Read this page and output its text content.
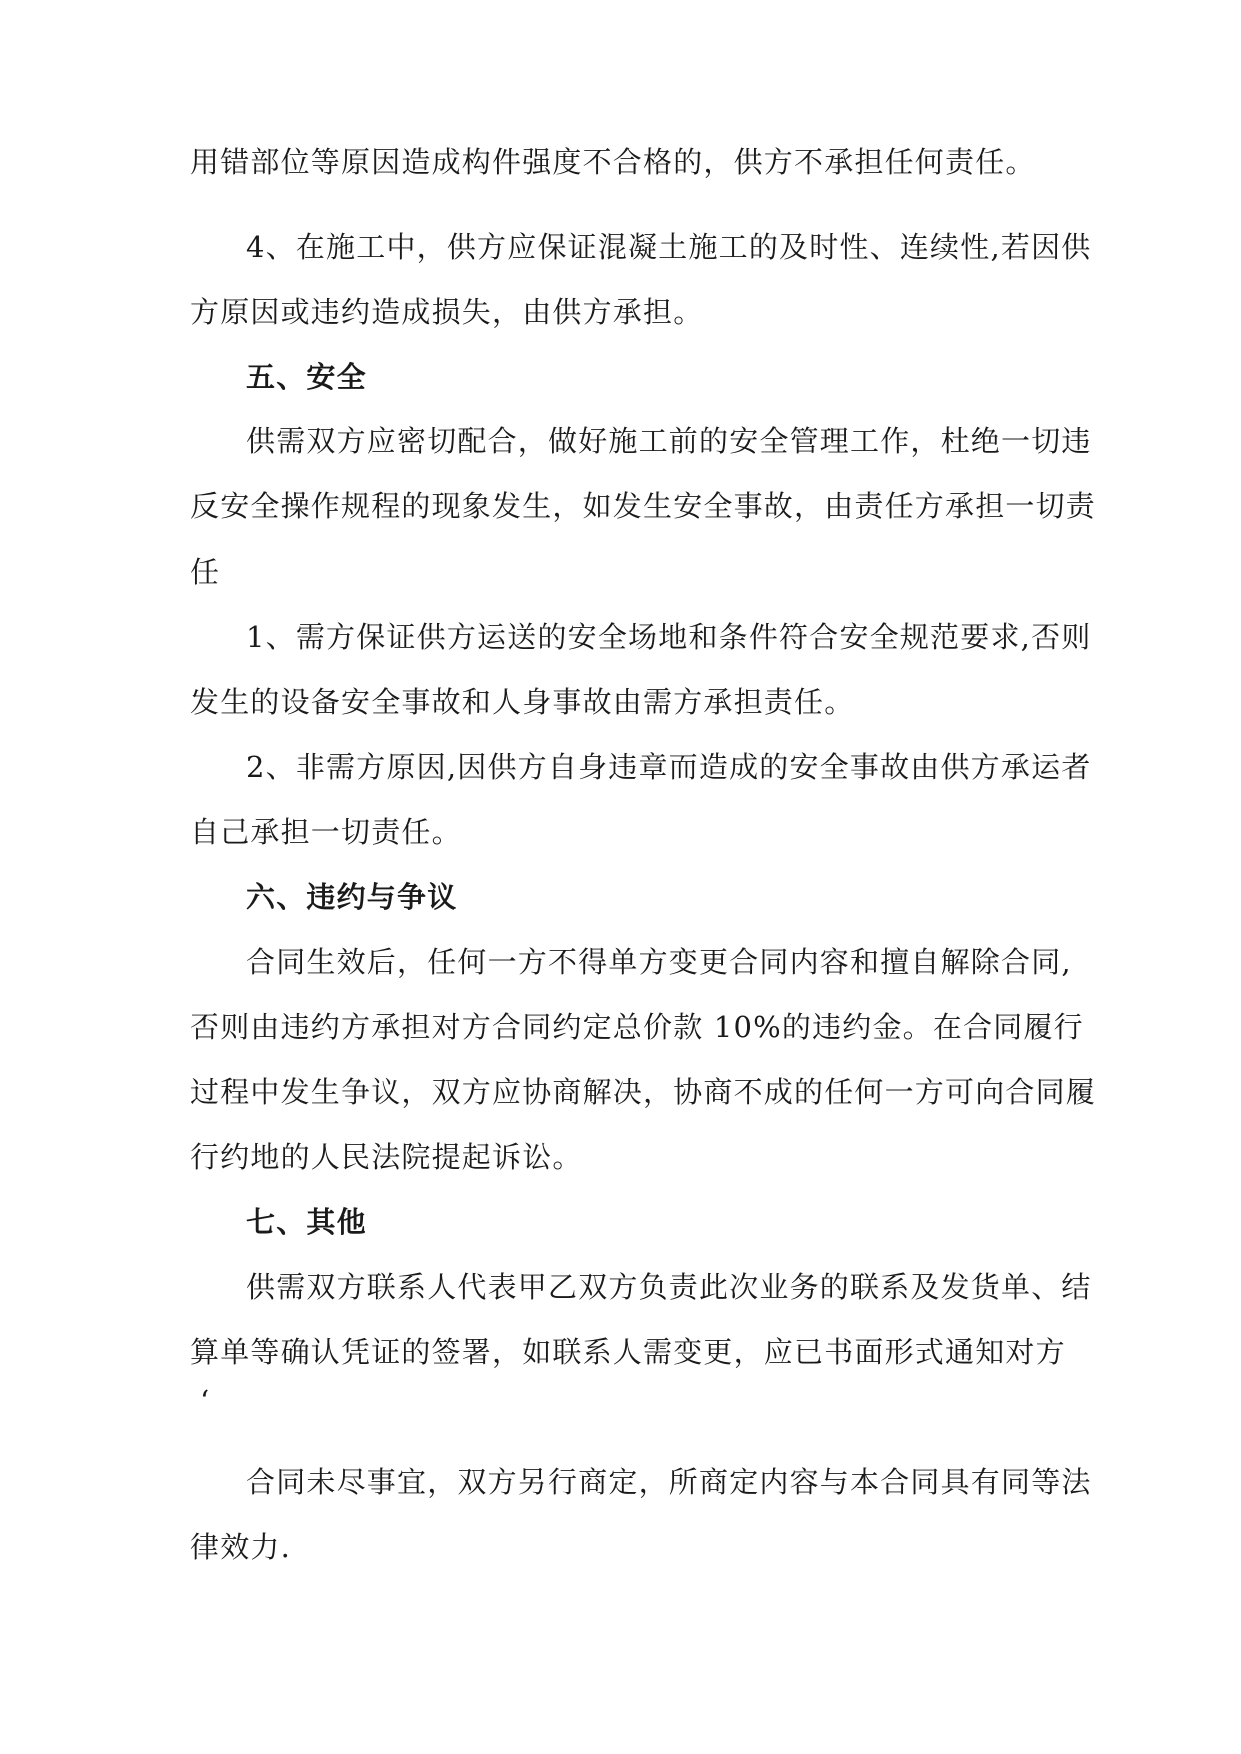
用错部位等原因造成构件强度不合格的，供方不承担任何责任。
4、在施工中，供方应保证混凝土施工的及时性、连续性,若因供
方原因或违约造成损失，由供方承担。
五、安全
供需双方应密切配合，做好施工前的安全管理工作，杜绝一切违
反安全操作规程的现象发生，如发生安全事故，由责任方承担一切责
任
1、需方保证供方运送的安全场地和条件符合安全规范要求,否则
发生的设备安全事故和人身事故由需方承担责任。
2、非需方原因,因供方自身违章而造成的安全事故由供方承运者
自己承担一切责任。
六、违约与争议
合同生效后，任何一方不得单方变更合同内容和擅自解除合同,
否则由违约方承担对方合同约定总价款 10%的违约金。在合同履行
过程中发生争议，双方应协商解决，协商不成的任何一方可向合同履
行约地的人民法院提起诉讼。
七、其他
供需双方联系人代表甲乙双方负责此次业务的联系及发货单、结
算单等确认凭证的签署，如联系人需变更，应已书面形式通知对方
‘
合同未尽事宜，双方另行商定，所商定内容与本合同具有同等法
律效力.
